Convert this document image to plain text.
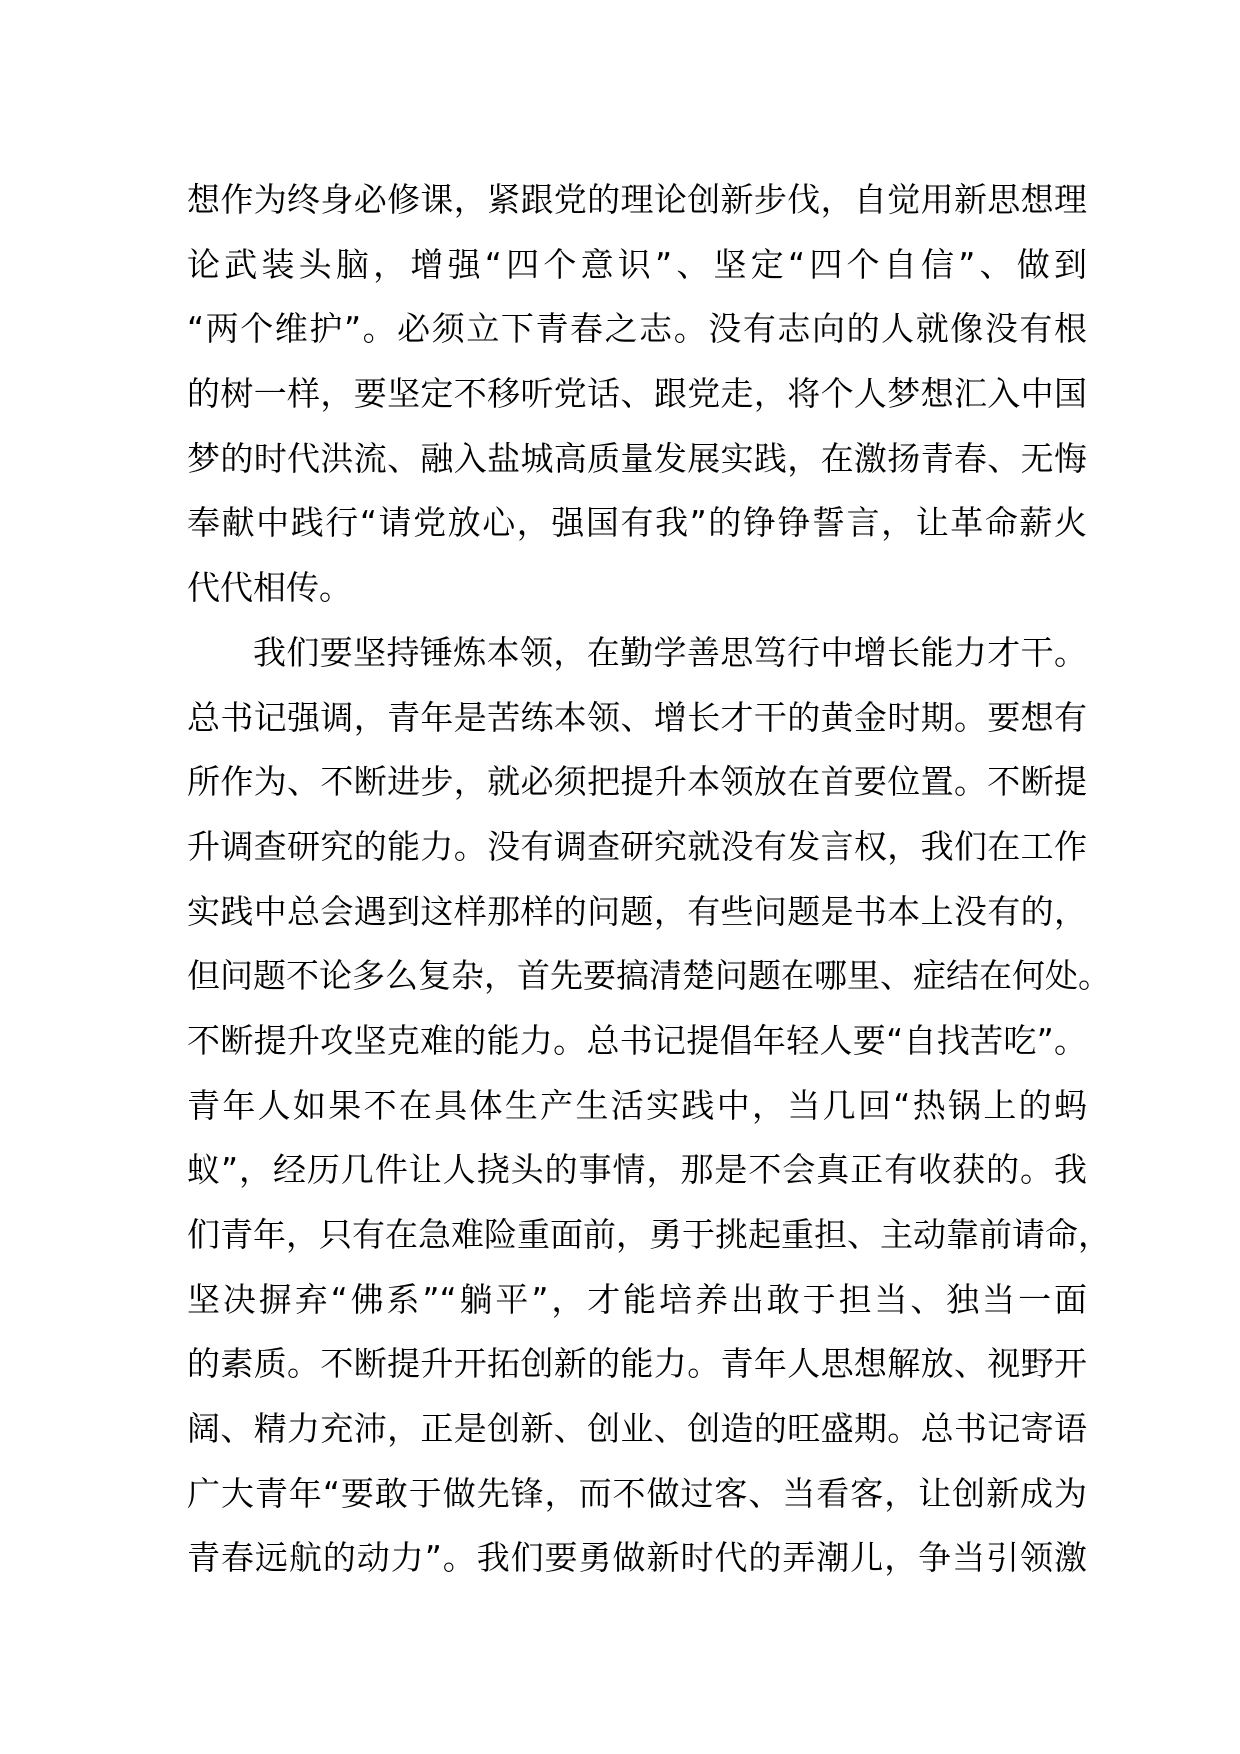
想作为终身必修课，紧跟党的理论创新步伐，自觉用新思想理
论武装头脑，增强“四个意识”、坚定“四个自信”、做到
“两个维护”。必须立下青春之志。没有志向的人就像没有根
的树一样，要坚定不移听党话、跟党走，将个人梦想汇入中国
梦的时代洪流、融入盐城高质量发展实践，在激扬青春、无悔
奉献中践行“请党放心，强国有我”的铮铮誓言，让革命薪火
代代相传。
我们要坚持锤炼本领，在勤学善思笃行中增长能力才干。
总书记强调，青年是苦练本领、增长才干的黄金时期。要想有
所作为、不断进步，就必须把提升本领放在首要位置。不断提
升调查研究的能力。没有调查研究就没有发言权，我们在工作
实践中总会遇到这样那样的问题，有些问题是书本上没有的，
但问题不论多么复杂，首先要搞清楚问题在哪里、症结在何处。
不断提升攻坚克难的能力。总书记提倡年轻人要“自找苦吃”。
青年人如果不在具体生产生活实践中，当几回“热锅上的蚂
蚁”，经历几件让人挠头的事情，那是不会真正有收获的。我
们青年，只有在急难险重面前，勇于挑起重担、主动靠前请命，
坚决摒弃“佛系”“躺平”，才能培养出敢于担当、独当一面
的素质。不断提升开拓创新的能力。青年人思想解放、视野开
阔、精力充沛，正是创新、创业、创造的旺盛期。总书记寄语
广大青年“要敢于做先锋，而不做过客、当看客，让创新成为
青春远航的动力”。我们要勇做新时代的弄潮儿，争当引领激
